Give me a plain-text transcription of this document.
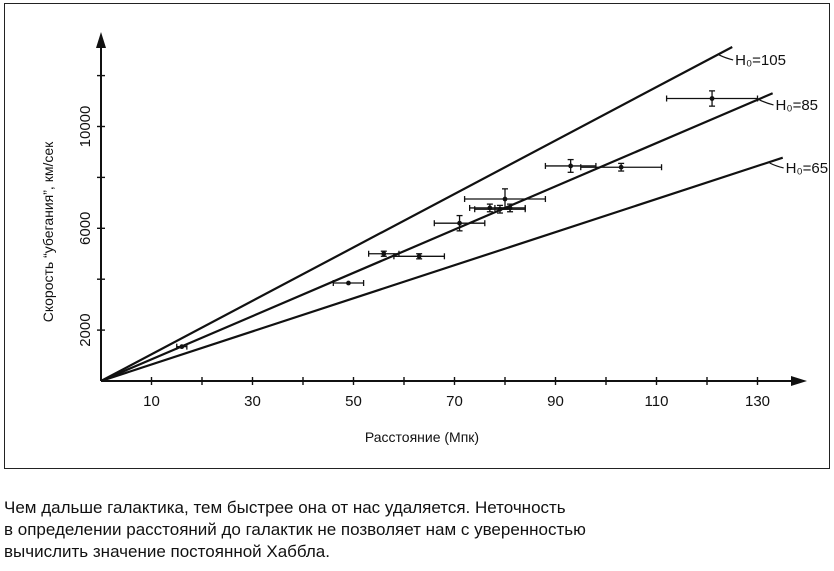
10	30	50	70	90	110	130
2000
6000
10000
H₀=105
H₀=85
H₀=65
Расстояние (Мпк)
Скорость “убегания”, км/сек
Чем дальше галактика, тем быстрее она от нас удаляется. Неточность
в определении расстояний до галактик не позволяет нам с уверенностью
вычислить значение постоянной Хаббла.
